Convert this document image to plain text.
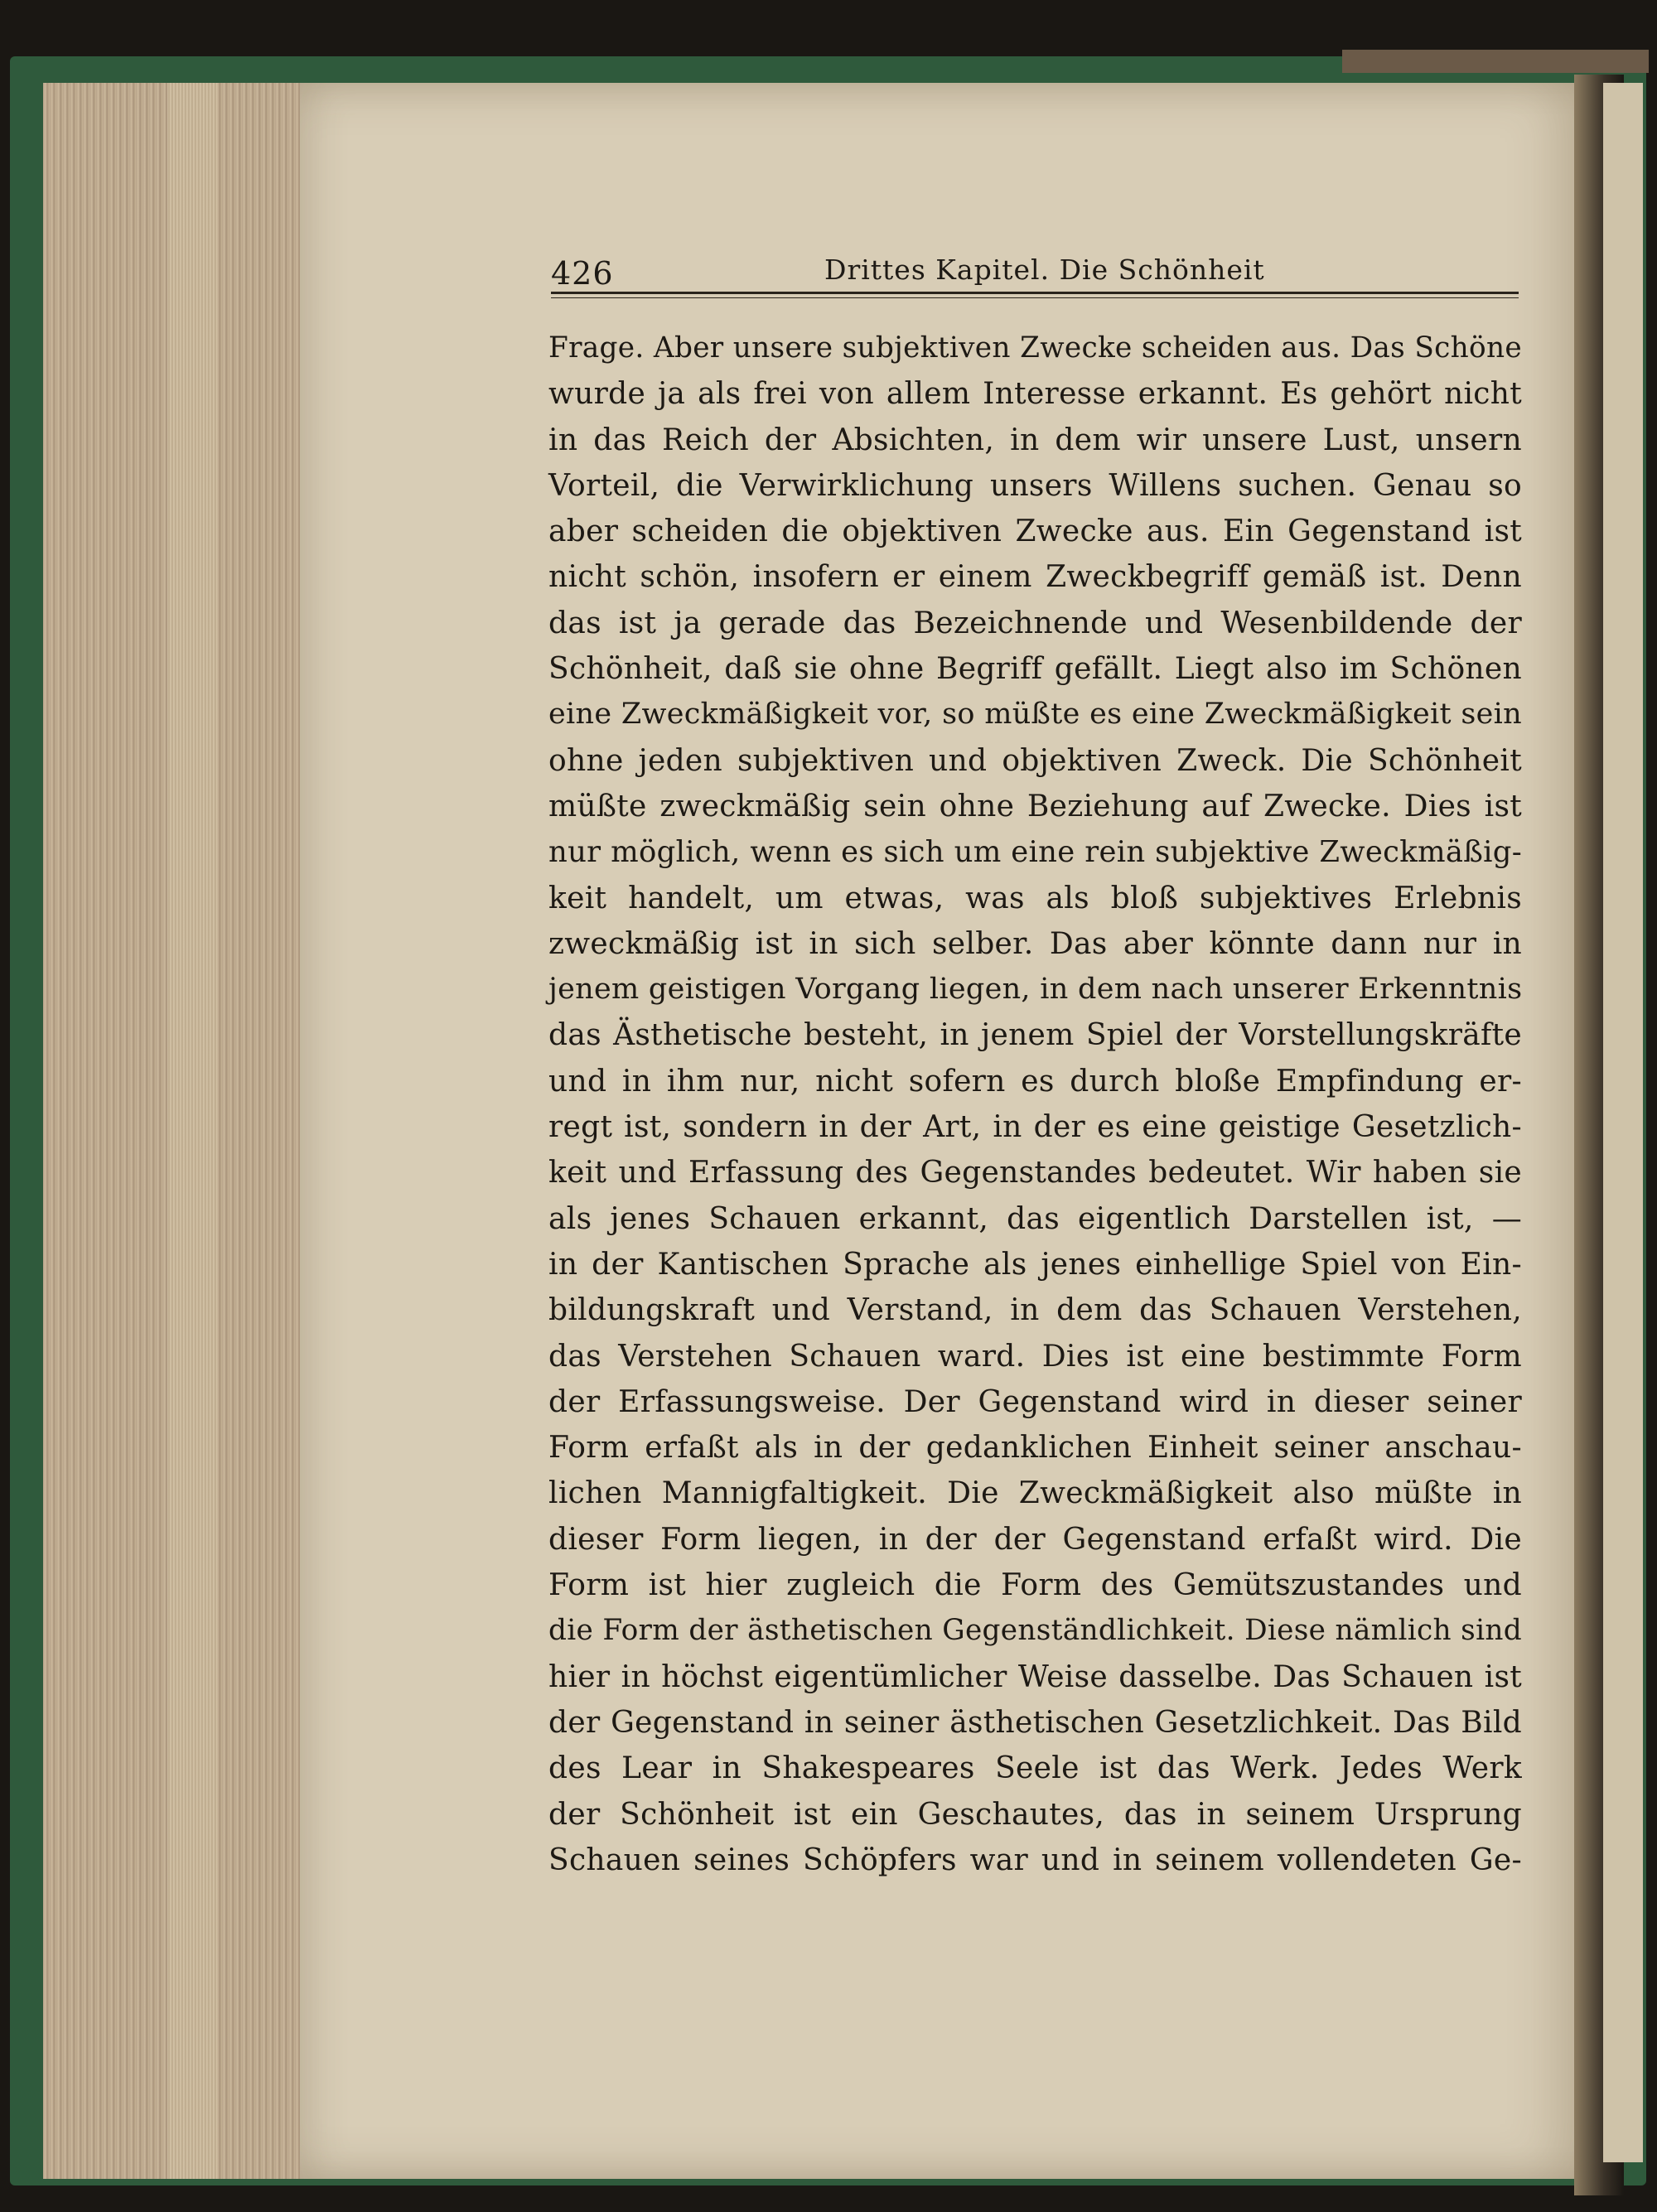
426	Drittes Kapitel. Die Schönheit
Frage. Aber unsere subjektiven Zwecke scheiden aus. Das Schöne
wurde ja als frei von allem Interesse erkannt. Es gehört nicht
in das Reich der Absichten, in dem wir unsere Lust, unsern
Vorteil, die Verwirklichung unsers Willens suchen. Genau so
aber scheiden die objektiven Zwecke aus. Ein Gegenstand ist
nicht schön, insofern er einem Zweckbegriff gemäß ist. Denn
das ist ja gerade das Bezeichnende und Wesenbildende der
Schönheit, daß sie ohne Begriff gefällt. Liegt also im Schönen
eine Zweckmäßigkeit vor, so müßte es eine Zweckmäßigkeit sein
ohne jeden subjektiven und objektiven Zweck. Die Schönheit
müßte zweckmäßig sein ohne Beziehung auf Zwecke. Dies ist
nur möglich, wenn es sich um eine rein subjektive Zweckmäßig-
keit handelt, um etwas, was als bloß subjektives Erlebnis
zweckmäßig ist in sich selber. Das aber könnte dann nur in
jenem geistigen Vorgang liegen, in dem nach unserer Erkenntnis
das Ästhetische besteht, in jenem Spiel der Vorstellungskräfte
und in ihm nur, nicht sofern es durch bloße Empfindung er-
regt ist, sondern in der Art, in der es eine geistige Gesetzlich-
keit und Erfassung des Gegenstandes bedeutet. Wir haben sie
als jenes Schauen erkannt, das eigentlich Darstellen ist, —
in der Kantischen Sprache als jenes einhellige Spiel von Ein-
bildungskraft und Verstand, in dem das Schauen Verstehen,
das Verstehen Schauen ward. Dies ist eine bestimmte Form
der Erfassungsweise. Der Gegenstand wird in dieser seiner
Form erfaßt als in der gedanklichen Einheit seiner anschau-
lichen Mannigfaltigkeit. Die Zweckmäßigkeit also müßte in
dieser Form liegen, in der der Gegenstand erfaßt wird. Die
Form ist hier zugleich die Form des Gemütszustandes und
die Form der ästhetischen Gegenständlichkeit. Diese nämlich sind
hier in höchst eigentümlicher Weise dasselbe. Das Schauen ist
der Gegenstand in seiner ästhetischen Gesetzlichkeit. Das Bild
des Lear in Shakespeares Seele ist das Werk. Jedes Werk
der Schönheit ist ein Geschautes, das in seinem Ursprung
Schauen seines Schöpfers war und in seinem vollendeten Ge-
